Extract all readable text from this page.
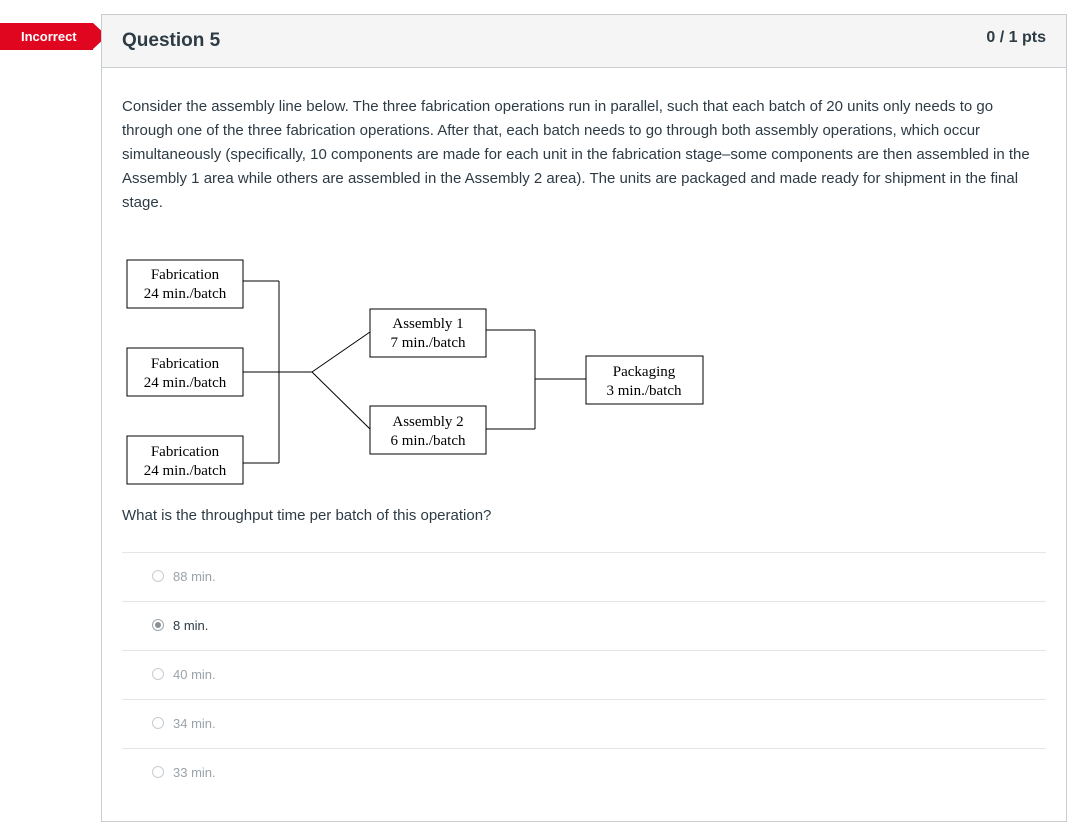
Incorrect	Question 5	0 / 1 pts

Consider the assembly line below. The three fabrication operations run in parallel, such that each batch of 20 units only needs to go through one of the three fabrication operations. After that, each batch needs to go through both assembly operations, which occur simultaneously (specifically, 10 components are made for each unit in the fabrication stage–some components are then assembled in the Assembly 1 area while others are assembled in the Assembly 2 area). The units are packaged and made ready for shipment in the final stage.

Fabrication
24 min./batch
Fabrication
24 min./batch
Fabrication
24 min./batch
Assembly 1
7 min./batch
Assembly 2
6 min./batch
Packaging
3 min./batch
What is the throughput time per batch of this operation?
88 min.
8 min.
40 min.
34 min.
33 min.
